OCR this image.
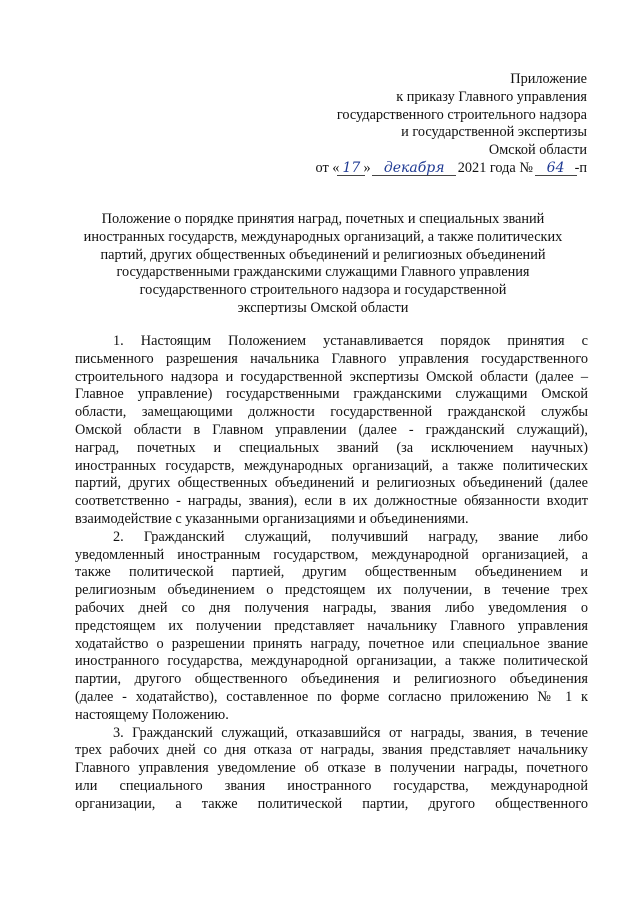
Приложение
к приказу Главного управления
государственного строительного надзора
и государственной экспертизы
Омской области
от « 17 » декабря 2021 года № 64 -п
Положение о порядке принятия наград, почетных и специальных званий
иностранных государств, международных организаций, а также политических
партий, других общественных объединений и религиозных объединений
государственными гражданскими служащими Главного управления
государственного строительного надзора и государственной
экспертизы Омской области
1. Настоящим Положением устанавливается порядок принятия с
письменного разрешения начальника Главного управления государственного
строительного надзора и государственной экспертизы Омской области (далее –
Главное управление) государственными гражданскими служащими Омской
области, замещающими должности государственной гражданской службы
Омской области в Главном управлении (далее - гражданский служащий),
наград, почетных и специальных званий (за исключением научных)
иностранных государств, международных организаций, а также политических
партий, других общественных объединений и религиозных объединений (далее
соответственно - награды, звания), если в их должностные обязанности входит
взаимодействие с указанными организациями и объединениями.
2. Гражданский служащий, получивший награду, звание либо
уведомленный иностранным государством, международной организацией, а
также политической партией, другим общественным объединением и
религиозным объединением о предстоящем их получении, в течение трех
рабочих дней со дня получения награды, звания либо уведомления о
предстоящем их получении представляет начальнику Главного управления
ходатайство о разрешении принять награду, почетное или специальное звание
иностранного государства, международной организации, а также политической
партии, другого общественного объединения и религиозного объединения
(далее - ходатайство), составленное по форме согласно приложению № 1 к
настоящему Положению.
3. Гражданский служащий, отказавшийся от награды, звания, в течение
трех рабочих дней со дня отказа от награды, звания представляет начальнику
Главного управления уведомление об отказе в получении награды, почетного
или специального звания иностранного государства, международной
организации, а также политической партии, другого общественного
